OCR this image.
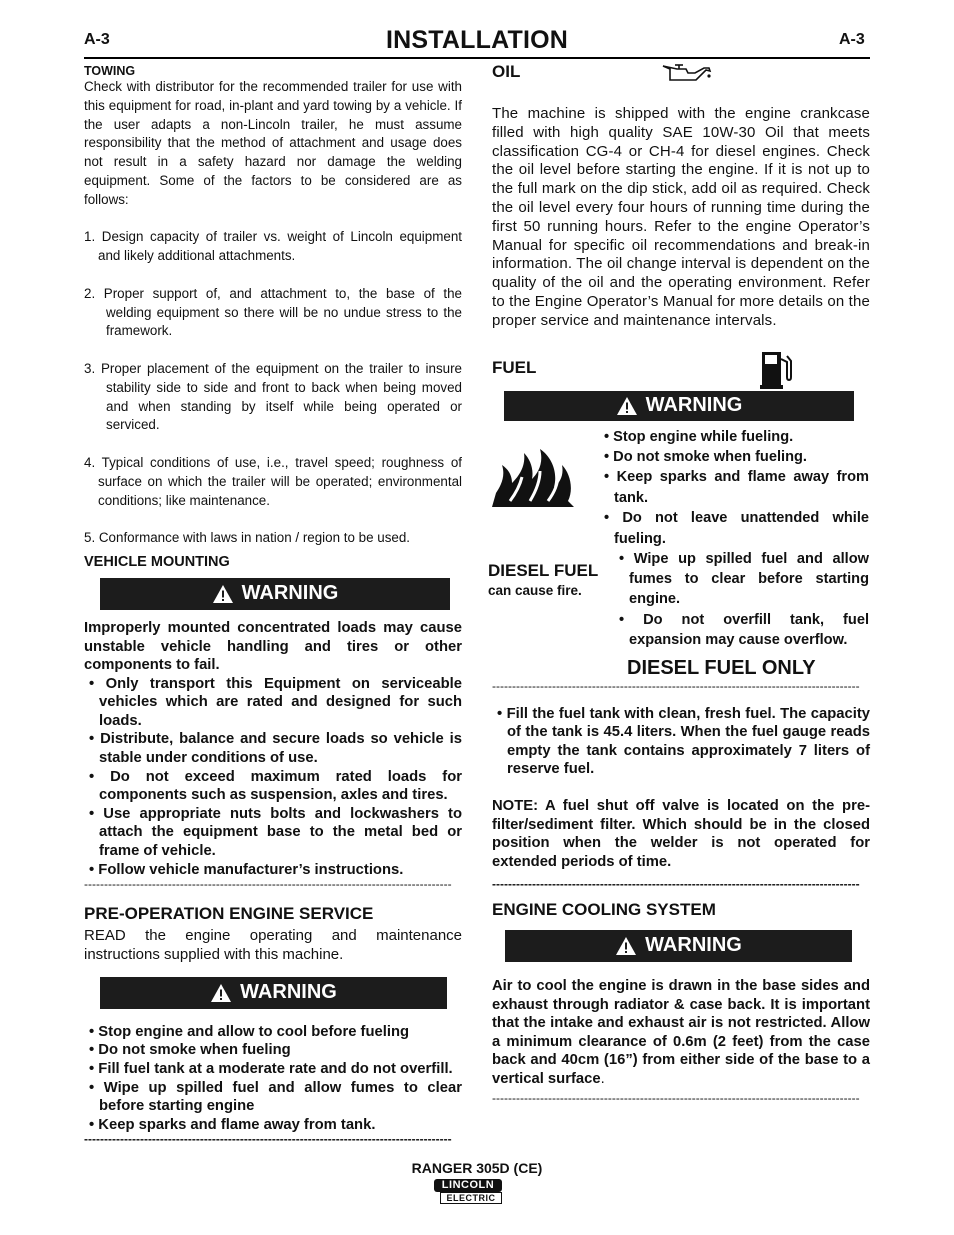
A-3	INSTALLATION	A-3
TOWING
Check with distributor for the recommended trailer for use with this equipment for road, in-plant and yard towing by a vehicle. If the user adapts a non-Lincoln trailer, he must assume responsibility that the method of attachment and usage does not result in a safety hazard nor damage the welding equipment. Some of the factors to be considered are as follows:
1. Design capacity of trailer vs. weight of Lincoln equipment and likely additional attachments.
2. Proper support of, and attachment to, the base of the welding equipment so there will be no undue stress to the framework.
3. Proper placement of the equipment on the trailer to insure stability side to side and front to back when being moved and when standing by itself while being operated or serviced.
4. Typical conditions of use, i.e., travel speed; roughness of surface on which the trailer will be operated; environmental conditions; like maintenance.
5. Conformance with laws in nation / region to be used.
VEHICLE MOUNTING
WARNING
Improperly mounted concentrated loads may cause unstable vehicle handling and tires or other components to fail.
• Only transport this Equipment on serviceable vehicles which are rated and designed for such loads.
• Distribute, balance and secure loads so vehicle is stable under conditions of use.
• Do not exceed maximum rated loads for components such as suspension, axles and tires.
• Use appropriate nuts bolts and lockwashers to attach the equipment base to the metal bed or frame of vehicle.
• Follow vehicle manufacturer’s instructions.
--------------------------------------------------------------------------------------------
PRE-OPERATION ENGINE SERVICE
READ the engine operating and maintenance instructions supplied with this machine.
WARNING
• Stop engine and allow to cool before fueling
• Do not smoke when fueling
• Fill fuel tank at a moderate rate and do not overfill.
• Wipe up spilled fuel and allow fumes to clear before starting engine
• Keep sparks and flame away from tank.
--------------------------------------------------------------------------------------------
OIL
The machine is shipped with the engine crankcase filled with high quality SAE 10W-30 Oil that meets classification CG-4 or CH-4 for diesel engines. Check the oil level before starting the engine. If it is not up to the full mark on the dip stick, add oil as required. Check the oil level every four hours of running time during the first 50 running hours. Refer to the engine Operator’s Manual for specific oil recommendations and break-in information. The oil change interval is dependent on the quality of the oil and the operating environment. Refer to the Engine Operator’s Manual for more details on the proper service and maintenance intervals.
FUEL
WARNING
• Stop engine while fueling.
• Do not smoke when fueling.
• Keep sparks and flame away from tank.
• Do not leave unattended while fueling.
DIESEL FUEL
can cause fire.
• Wipe up spilled fuel and allow fumes to clear before starting engine.
• Do not overfill tank, fuel expansion may cause overflow.
DIESEL FUEL ONLY
--------------------------------------------------------------------------------------------
• Fill the fuel tank with clean, fresh fuel. The capacity of the tank is 45.4 liters. When the fuel gauge reads empty the tank contains approximately 7 liters of reserve fuel.
NOTE: A fuel shut off valve is located on the pre-filter/sediment filter. Which should be in the closed position when the welder is not operated for extended periods of time.
--------------------------------------------------------------------------------------------
ENGINE COOLING SYSTEM
WARNING
Air to cool the engine is drawn in the base sides and exhaust through radiator & case back. It is important that the intake and exhaust air is not restricted. Allow a minimum clearance of 0.6m (2 feet) from the case back and 40cm (16”) from either side of the base to a vertical surface.
--------------------------------------------------------------------------------------------
RANGER 305D (CE)
LINCOLN
ELECTRIC
